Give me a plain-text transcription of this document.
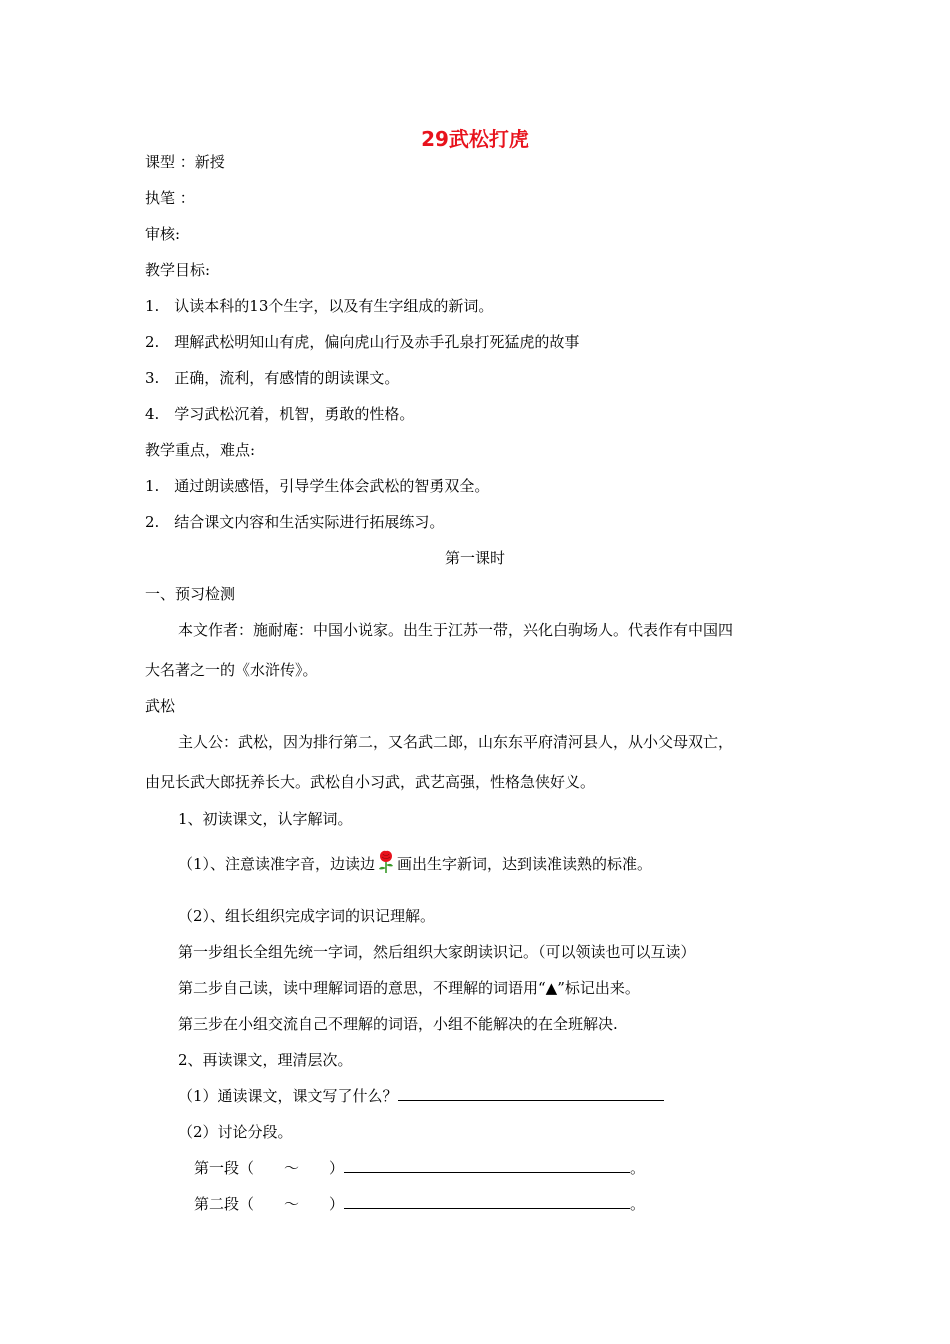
29武松打虎
课型 ：新授
执笔 ：
审核:
教学目标:
1.　认读本科的13个生字，以及有生字组成的新词。
2.　理解武松明知山有虎，偏向虎山行及赤手孔泉打死猛虎的故事
3.　正确，流利，有感情的朗读课文。
4.　学习武松沉着，机智，勇敢的性格。
教学重点，难点:
1.　通过朗读感悟，引导学生体会武松的智勇双全。
2.　结合课文内容和生活实际进行拓展练习。
第一课时
一、预习检测
本文作者：施耐庵：中国小说家。出生于江苏一带，兴化白驹场人。代表作有中国四
大名著之一的《水浒传》。
武松
主人公：武松，因为排行第二，又名武二郎，山东东平府清河县人，从小父母双亡，
由兄长武大郎抚养长大。武松自小习武，武艺高强，性格急侠好义。
1、初读课文，认字解词。
（1）、注意读准字音，边读边 画出生字新词，达到读准读熟的标准。
（2）、组长组织完成字词的识记理解。
第一步组长全组先统一字词，然后组织大家朗读识记。（可以领读也可以互读）
第二步自己读，读中理解词语的意思，不理解的词语用“▲”标记出来。
第三步在小组交流自己不理解的词语，小组不能解决的在全班解决.
2、再读课文，理清层次。
（1）通读课文，课文写了什么？
（2）讨论分段。
第一段（　　～　　）	。
第二段（　　～　　）	。
